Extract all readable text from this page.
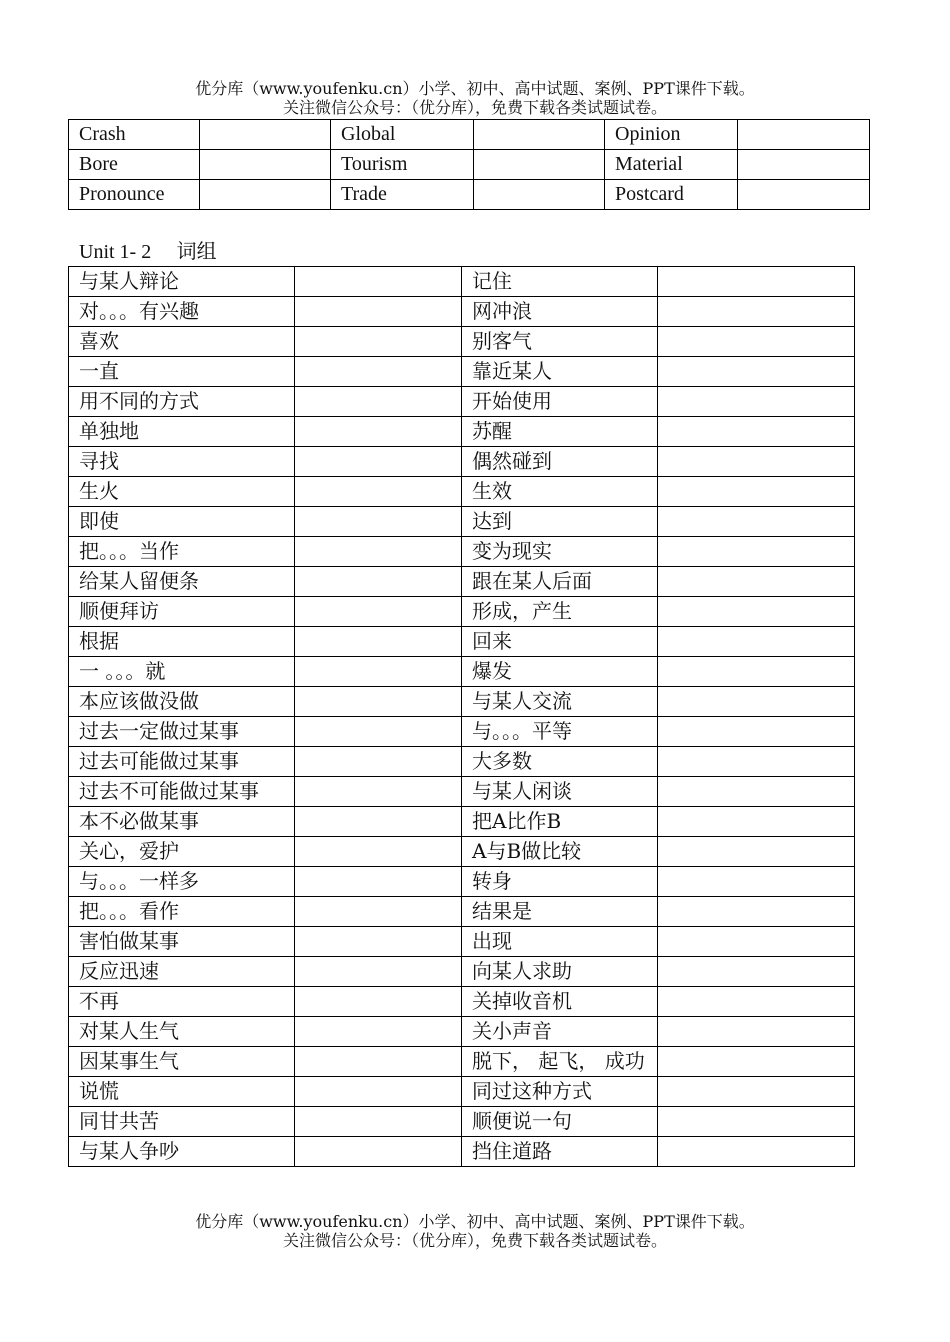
优分库（www.youfenku.cn）小学、初中、高中试题、案例、PPT课件下载。
关注微信公众号：（优分库），免费下载各类试题试卷。
Crash		Global		Opinion	
Bore		Tourism		Material	
Pronounce		Trade		Postcard	
Unit 1- 2 词组
与某人辩论		记住	
对。。。有兴趣		网冲浪	
喜欢		别客气	
一直		靠近某人	
用不同的方式		开始使用	
单独地		苏醒	
寻找		偶然碰到	
生火		生效	
即使		达到	
把。。。当作		变为现实	
给某人留便条		跟在某人后面	
顺便拜访		形成，产生	
根据		回来	
一 。。。就		爆发	
本应该做没做		与某人交流	
过去一定做过某事		与。。。平等	
过去可能做过某事		大多数	
过去不可能做过某事		与某人闲谈	
本不必做某事		把A比作B	
关心，爱护		A与B做比较	
与。。。一样多		转身	
把。。。看作		结果是	
害怕做某事		出现	
反应迅速		向某人求助	
不再		关掉收音机	
对某人生气		关小声音	
因某事生气		脱下， 起飞， 成功	
说慌		同过这种方式	
同甘共苦		顺便说一句	
与某人争吵		挡住道路	
优分库（www.youfenku.cn）小学、初中、高中试题、案例、PPT课件下载。
关注微信公众号：（优分库），免费下载各类试题试卷。
